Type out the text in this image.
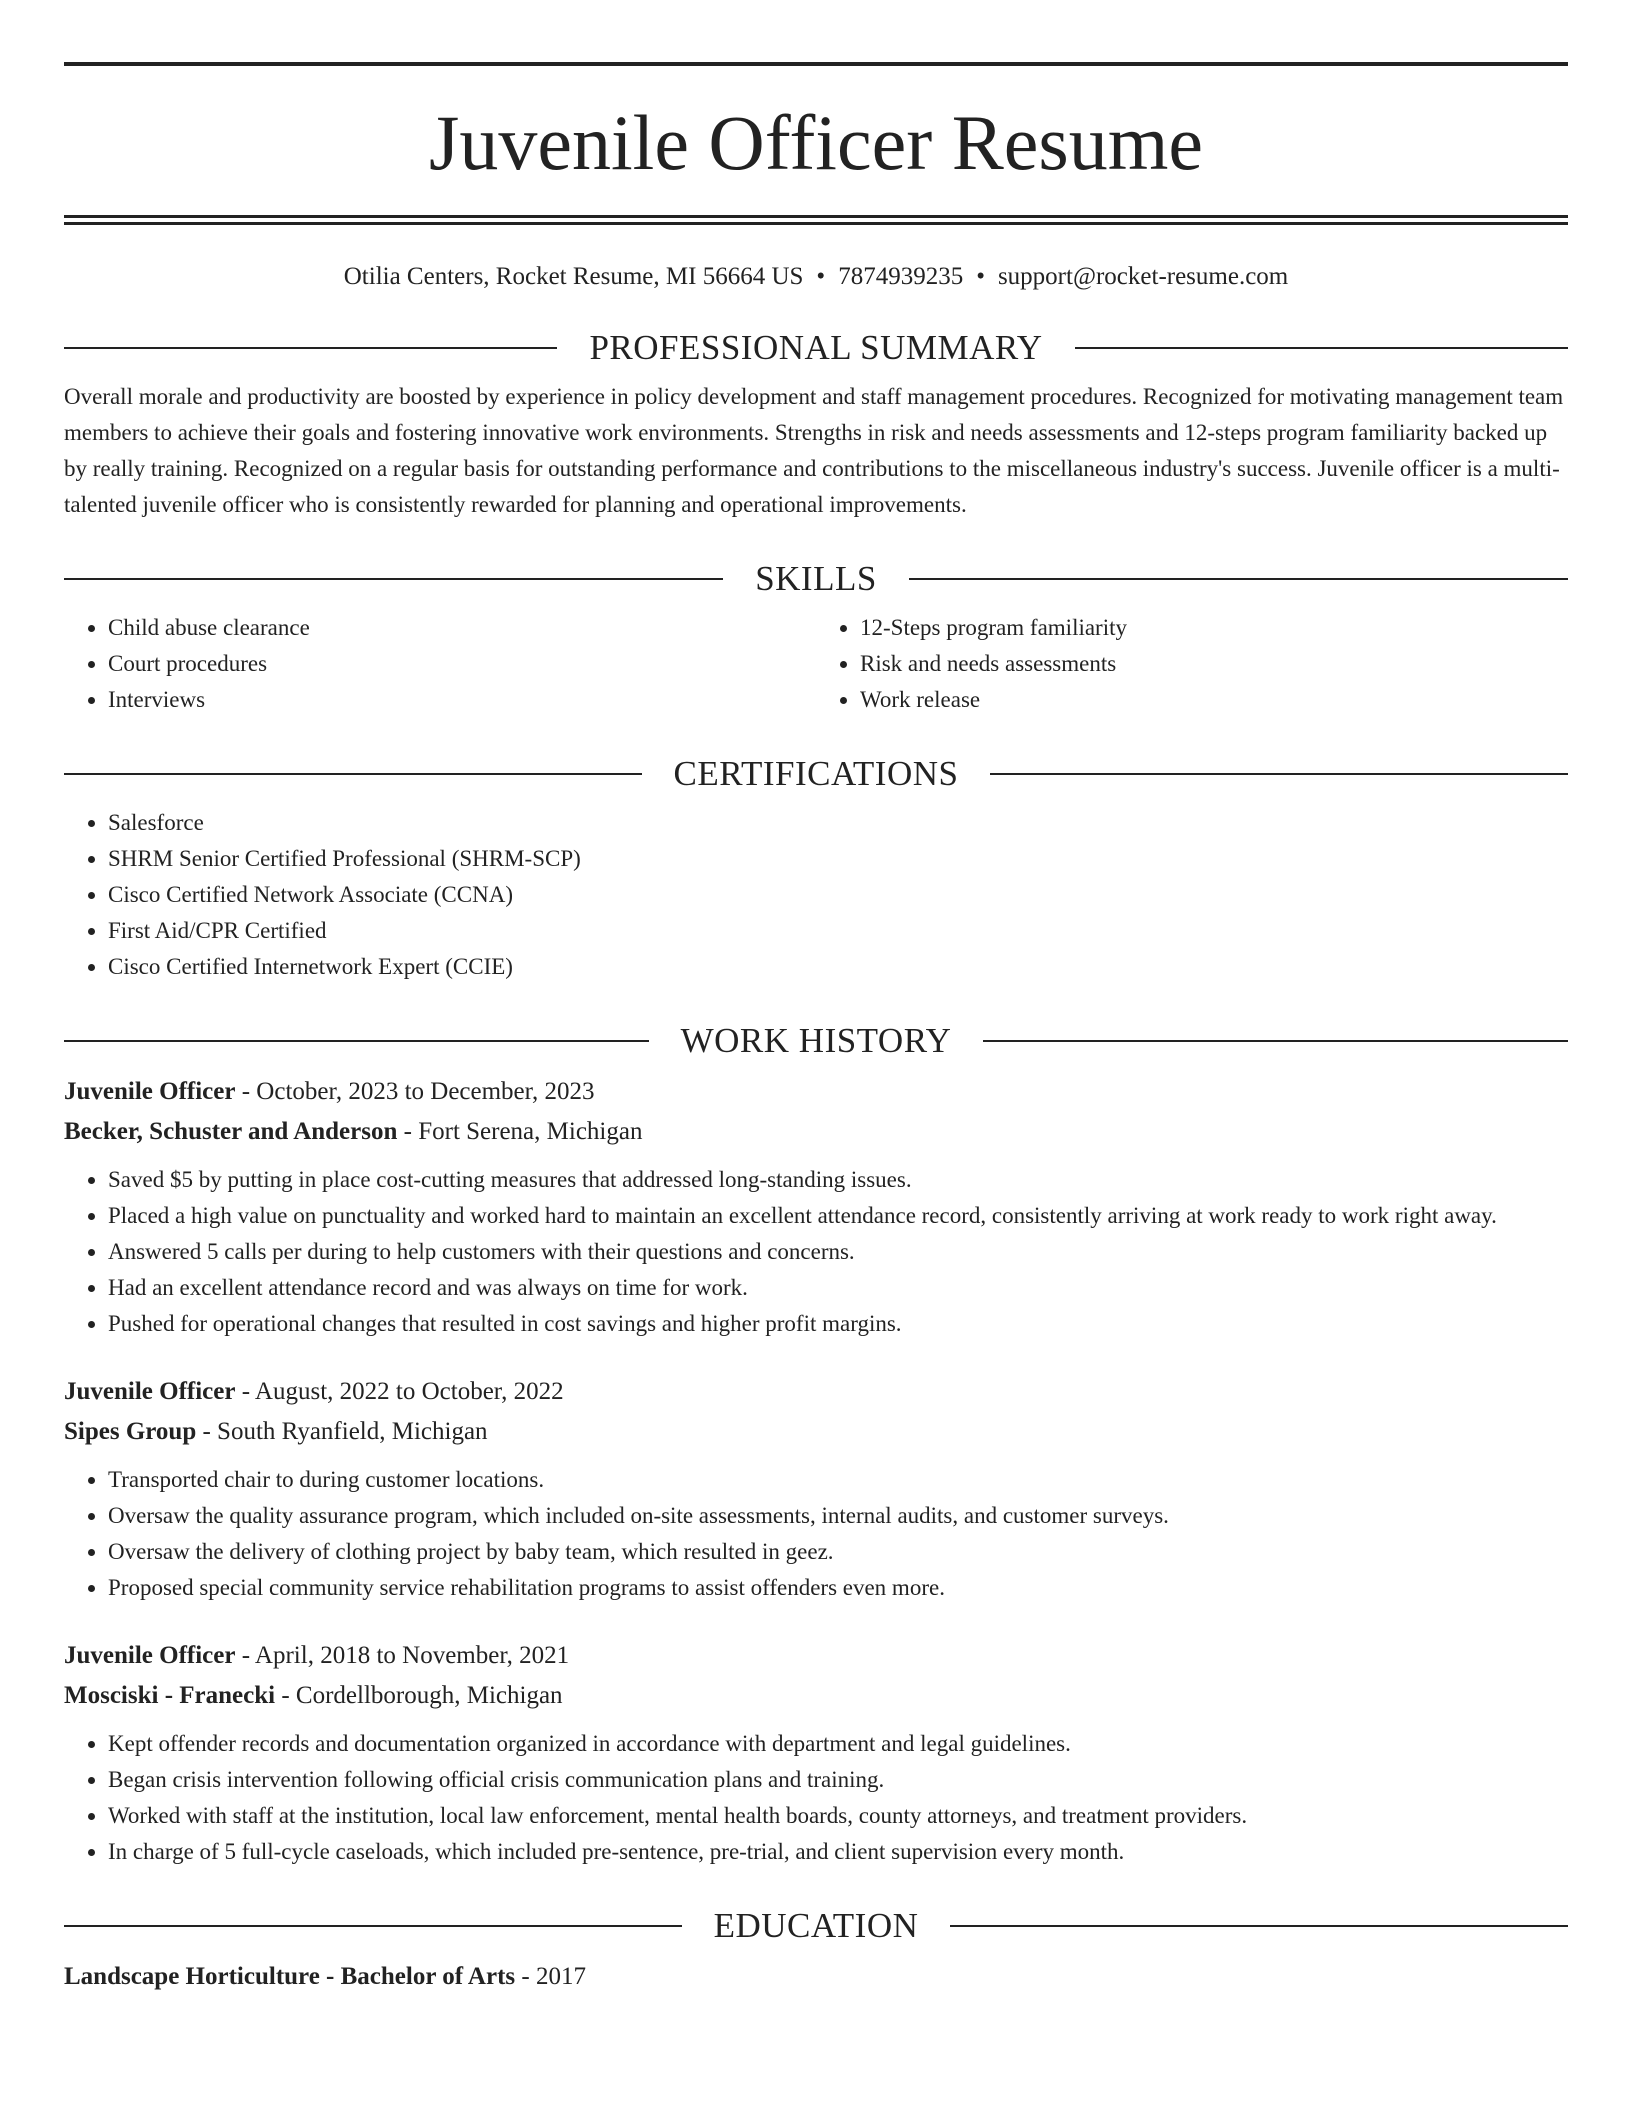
Juvenile Officer Resume
Otilia Centers, Rocket Resume, MI 56664 US • 7874939235 • support@rocket-resume.com
PROFESSIONAL SUMMARY

Overall morale and productivity are boosted by experience in policy development and staff management procedures. Recognized for motivating management team members to achieve their goals and fostering innovative work environments. Strengths in risk and needs assessments and 12-steps program familiarity backed up by really training. Recognized on a regular basis for outstanding performance and contributions to the miscellaneous industry's success. Juvenile officer is a multi-talented juvenile officer who is consistently rewarded for planning and operational improvements.

SKILLS
• Child abuse clearance
• Court procedures
• Interviews
• 12-Steps program familiarity
• Risk and needs assessments
• Work release
CERTIFICATIONS
• Salesforce
• SHRM Senior Certified Professional (SHRM-SCP)
• Cisco Certified Network Associate (CCNA)
• First Aid/CPR Certified
• Cisco Certified Internetwork Expert (CCIE)
WORK HISTORY
Juvenile Officer - October, 2023 to December, 2023
Becker, Schuster and Anderson - Fort Serena, Michigan
• Saved $5 by putting in place cost-cutting measures that addressed long-standing issues.
• Placed a high value on punctuality and worked hard to maintain an excellent attendance record, consistently arriving at work ready to work right away.
• Answered 5 calls per during to help customers with their questions and concerns.
• Had an excellent attendance record and was always on time for work.
• Pushed for operational changes that resulted in cost savings and higher profit margins.
Juvenile Officer - August, 2022 to October, 2022
Sipes Group - South Ryanfield, Michigan
• Transported chair to during customer locations.
• Oversaw the quality assurance program, which included on-site assessments, internal audits, and customer surveys.
• Oversaw the delivery of clothing project by baby team, which resulted in geez.
• Proposed special community service rehabilitation programs to assist offenders even more.
Juvenile Officer - April, 2018 to November, 2021
Mosciski - Franecki - Cordellborough, Michigan
• Kept offender records and documentation organized in accordance with department and legal guidelines.
• Began crisis intervention following official crisis communication plans and training.
• Worked with staff at the institution, local law enforcement, mental health boards, county attorneys, and treatment providers.
• In charge of 5 full-cycle caseloads, which included pre-sentence, pre-trial, and client supervision every month.
EDUCATION
Landscape Horticulture - Bachelor of Arts - 2017
